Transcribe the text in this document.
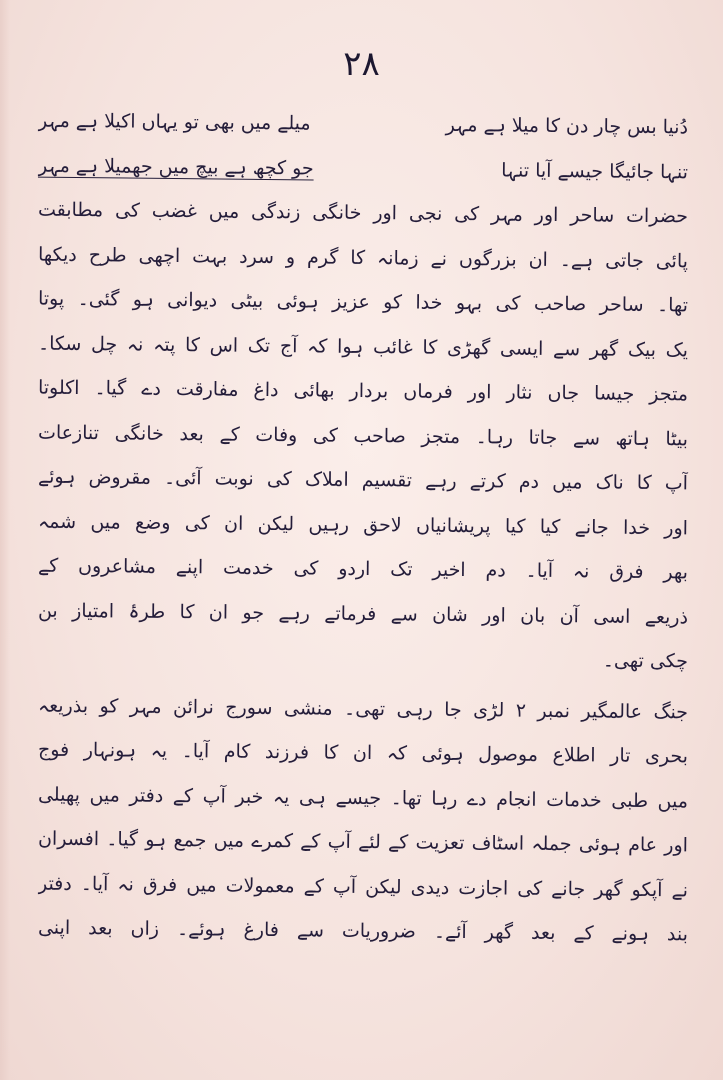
۲۸
دُنیا بس چار دن کا میلا ہے مہر
میلے میں بھی تو یہاں اکیلا ہے مہر
تنہا جائیگا جیسے آیا تنہا
جو کچھ ہے بیچ میں جھمیلا ہے مہر
حضرات ساحر اور مہر کی نجی اور خانگی زندگی میں غضب کی مطابقت
پائی جاتی ہے۔ ان بزرگوں نے زمانہ کا گرم و سرد بہت اچھی طرح دیکھا
تھا۔ ساحر صاحب کی بہو خدا کو عزیز ہوئی بیٹی دیوانی ہو گئی۔ پوتا
یک بیک گھر سے ایسی گھڑی کا غائب ہوا کہ آج تک اس کا پتہ نہ چل سکا۔
متجز جیسا جاں نثار اور فرماں بردار بھائی داغ مفارقت دے گیا۔ اکلوتا
بیٹا ہاتھ سے جاتا رہا۔ متجز صاحب کی وفات کے بعد خانگی تنازعات
آپ کا ناک میں دم کرتے رہے تقسیم املاک کی نوبت آئی۔ مقروض ہوئے
اور خدا جانے کیا کیا پریشانیاں لاحق رہیں لیکن ان کی وضع میں شمہ
بھر فرق نہ آیا۔ دم اخیر تک اردو کی خدمت اپنے مشاعروں کے
ذریعے اسی آن بان اور شان سے فرماتے رہے جو ان کا طرۂ امتیاز بن
چکی تھی۔
جنگ عالمگیر نمبر ۲ لڑی جا رہی تھی۔ منشی سورج نرائن مہر کو بذریعہ
بحری تار اطلاع موصول ہوئی کہ ان کا فرزند کام آیا۔ یہ ہونہار فوج
میں طبی خدمات انجام دے رہا تھا۔ جیسے ہی یہ خبر آپ کے دفتر میں پھیلی
اور عام ہوئی جملہ اسٹاف تعزیت کے لئے آپ کے کمرے میں جمع ہو گیا۔ افسران
نے آپکو گھر جانے کی اجازت دیدی لیکن آپ کے معمولات میں فرق نہ آیا۔ دفتر
بند ہونے کے بعد گھر آئے۔ ضروریات سے فارغ ہوئے۔ زاں بعد اپنی
